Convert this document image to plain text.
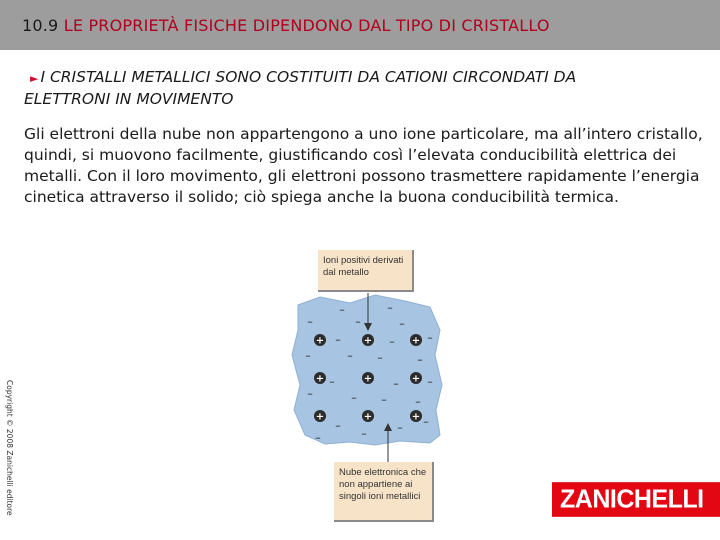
10.9 LE PROPRIETÀ FISICHE DIPENDONO DAL TIPO DI CRISTALLO
► I CRISTALLI METALLICI SONO COSTITUITI DA CATIONI CIRCONDATI DA ELETTRONI IN MOVIMENTO
Gli elettroni della nube non appartengono a uno ione particolare, ma all’intero cristallo, quindi, si muovono facilmente, giustificando così l’elevata conducibilità elettrica dei metalli. Con il loro movimento, gli elettroni possono trasmettere rapidamente l’energia cinetica attraverso il solido; ciò spiega anche la buona conducibilità termica.
Copyright © 2008 Zanichelli editore
+	+	+
+	+	+
+	+	+
–	–
–	–	–
–	–	–
–	– –	–
–	–	–
–	– –	–
–	–
–	–
–
Ioni positivi derivati dal metallo
Nube elettronica che non appartiene ai singoli ioni metallici	ZANICHELLI
